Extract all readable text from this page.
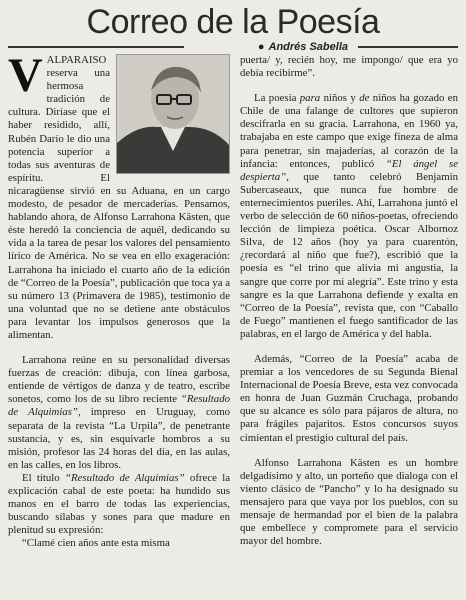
Correo de la Poesía
● Andrés Sabella

VALPARAISO reserva una hermosa tradición de cultura. Diríase que el haber residido, allí, Rubén Darío le dio una potencia superior a todas sus aventuras de espíritu. El nicaragüense sirvió en su Aduana, en un cargo modesto, de pesador de mercaderías. Pensamos, hablando ahora, de Alfonso Larrahona Kästen, que éste heredó la conciencia de aquél, dedicando su vida a la tarea de pesar los valores del pensamiento lírico de América. No se vea en ello exageración: Larrahona ha iniciado el cuarto año de la edición de “Correo de la Poesía”, publicación que toca ya a su número 13 (Primavera de 1985), testimonio de una voluntad que no se detiene ante obstáculos para levantar los impulsos generosos que la alimentan.

Larrahona reúne en su personalidad diversas fuerzas de creación: dibuja, con línea garbosa, entiende de vértigos de danza y de teatro, escribe sonetos, como los de su libro reciente “Resultado de Alquimias”, impreso en Uruguay, como separata de la revista “La Urpila”, de penetrante sustancia, y es, sin esquivarle hombros a su misión, profesor las 24 horas del día, en las aulas, en las calles, en los libros.

El título “Resultado de Alquimias” ofrece la explicación cabal de este poeta: ha hundido sus manos en el barro de todas las experiencias, buscando sílabas y sones para que madure en plenitud su expresión:

“Clamé cien años ante esta misma

puerta/ y, recién hoy, me impongo/ que era yo debía recibirme”.

La poesía para niños y de niños ha gozado en Chile de una falange de cultores que supieron descifrarla en su gracia. Larrahona, en 1960 ya, trabajaba en este campo que exige fineza de alma para penetrar, sin majaderías, al corazón de la infancia: entonces, publicó “El ángel se despierta”, que tanto celebró Benjamín Subercaseaux, que nunca fue hombre de enternecimientos pueriles. Ahí, Larrahona juntó el verbo de selección de 60 niños-poetas, ofreciendo lección de limpieza poética. Oscar Albornoz Silva, de 12 años (hoy ya para cuarentón, ¿recordará al niño que fue?), escribió que la poesía es “el trino que alivia mi angustia, la sangre que corre por mi alegría”. Este trino y esta sangre es la que Larrahona defiende y exalta en “Correo de la Poesía”, revista que, con “Caballo de Fuego” mantienen el fuego santificador de las palabras, en el largo de América y del habla.

Además, “Correo de la Poesía” acaba de premiar a los vencedores de su Segunda Bienal Internacional de Poesía Breve, esta vez convocada en honra de Juan Guzmán Cruchaga, probando que su alcance es sólo para pájaros de altura, no para frágiles pajaritos. Estos concursos suyos cimientan el prestigio cultural del país.

Alfonso Larrahona Kästen es un hombre delgadísimo y alto, un porteño que dialoga con el viento clásico de “Pancho” y lo ha designado su mensajero para que vaya por los pueblos, con su mensaje de hermandad por el bien de la palabra que embellece y compromete para el servicio mayor del hombre.
